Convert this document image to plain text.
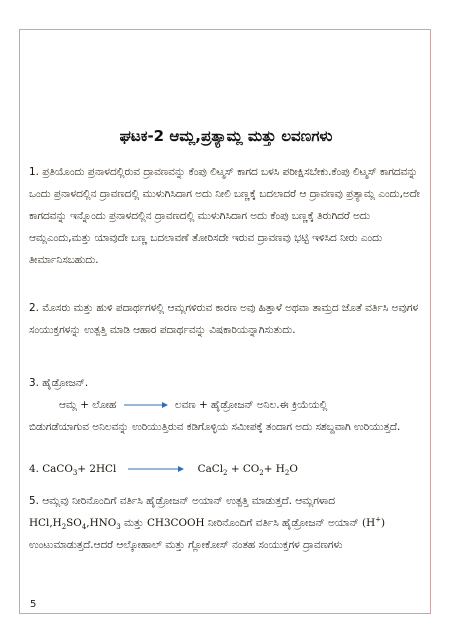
ಘಟಕ-2 ಆಮ್ಲ,ಪ್ರತ್ಯಾಮ್ಲ ಮತ್ತು ಲವಣಗಳು
1. ಪ್ರತಿಯೊಂದು ಪ್ರನಾಳದಲ್ಲಿರುವ ದ್ರಾವಣವನ್ನು ಕೆಂಪು ಲಿಟ್ಮಸ್ ಕಾಗದ ಬಳಸಿ ಪರೀಕ್ಷಿಸಬೇಕು.ಕೆಂಪು ಲಿಟ್ಮಸ್ ಕಾಗದವನ್ನು ಒಂದು ಪ್ರನಾಳದಲ್ಲಿನ ದ್ರಾವಣದಲ್ಲಿ ಮುಳುಗಿಸಿದಾಗ ಅದು ನೀಲಿ ಬಣ್ಣಕ್ಕೆ ಬದಲಾದರೆ ಆ ದ್ರಾವಣವು ಪ್ರತ್ಯಾಮ್ಲ ಎಂದು,ಅದೇ ಕಾಗದವನ್ನು ಇನ್ನೊಂದು ಪ್ರನಾಳದಲ್ಲಿನ ದ್ರಾವಣದಲ್ಲಿ ಮುಳುಗಿಸಿದಾಗ ಅದು ಕೆಂಪು ಬಣ್ಣಕ್ಕೆ ತಿರುಗಿದರೆ ಅದು ಆಮ್ಲಎಂದು,ಮತ್ತು ಯಾವುದೇ ಬಣ್ಣ ಬದಲಾವಣೆ ತೋರಿಸದೇ ಇರುವ ದ್ರಾವಣವು ಭಟ್ಟಿ ಇಳಿಸಿದ ನೀರು ಎಂದು ತೀರ್ಮಾನಿಸಬಹುದು.
2. ಮೊಸರು ಮತ್ತು ಹುಳಿ ಪದಾರ್ಥಗಳಲ್ಲಿ ಆಮ್ಲಗಳಿರುವ ಕಾರಣ ಅವು ಹಿತ್ತಾಳೆ ಅಥವಾ ತಾಮ್ರದ ಜೊತೆ ವರ್ತಿಸಿ ಅವುಗಳ ಸಂಯುಕ್ತಗಳನ್ನು ಉತ್ಪತ್ತಿ ಮಾಡಿ ಆಹಾರ ಪದಾರ್ಥವನ್ನು ವಿಷಕಾರಿಯನ್ನಾಗಿಸುತುದು.
3. ಹೈಡ್ರೋಜನ್.
ಆಮ್ಲ + ಲೋಹ	ಲವಣ + ಹೈಡ್ರೋಜನ್ ಅನಿಲ.ಈ ಕ್ರಿಯೆಯಲ್ಲಿ
ಬಿಡುಗಡೆಯಾಗುವ ಅನಿಲವನ್ನು ಉರಿಯುತ್ತಿರುವ ಕಡಿಗೊಳ್ಳಿಯ ಸಮೀಪಕ್ಕೆ ತಂದಾಗ ಅದು ಸಶಬ್ದವಾಗಿ ಉರಿಯುತ್ತದೆ.
4. CaCO$_3$+ 2HCl	CaCl$_2$ + $CO_2+ H_2O$
5. ಆಮ್ಲವು ನೀರಿನೊಂದಿಗೆ ವರ್ತಿಸಿ ಹೈಡ್ರೋಜನ್ ಅಯಾನ್ ಉತ್ಪತ್ತಿ ಮಾಡುತ್ತದೆ. ಆಮ್ಲಗಳಾದ
$HCl,H_2SO_4,HNO_3$ ಮತ್ತು CH3COOH ನೀರಿನೊಂದಿಗೆ ವರ್ತಿಸಿ ಹೈಡ್ರೋಜನ್ ಅಯಾನ್ (H+)
ಉಂಟುಮಾಡುತ್ತದೆ.ಆದರೆ ಆಲ್ಕೋಹಾಲ್ ಮತ್ತು ಗ್ಲೋಕೋಸ್ ನಂತಹ ಸಂಯುಕ್ತಗಳ ದ್ರಾವಣಗಳು
5
